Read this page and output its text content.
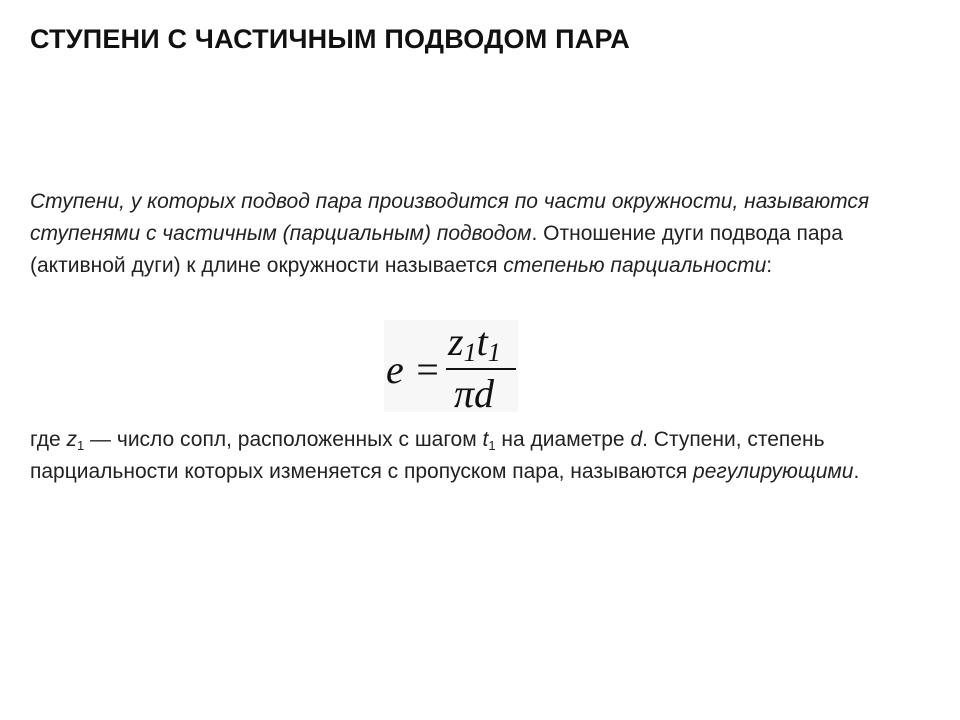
СТУПЕНИ С ЧАСТИЧНЫМ ПОДВОДОМ ПАРА
Ступени, у которых подвод пара производится по части окружности, называются ступенями с частичным (парциальным) подводом. Отношение дуги подвода пара (активной дуги) к длине окружности называется степенью парциальности:
e =
z1t1
πd
где $z_1$ — число сопл, расположенных с шагом $t_1$ на диаметре d. Ступени, степень парциальности которых изменяется с пропуском пара, называются регулирующими.
